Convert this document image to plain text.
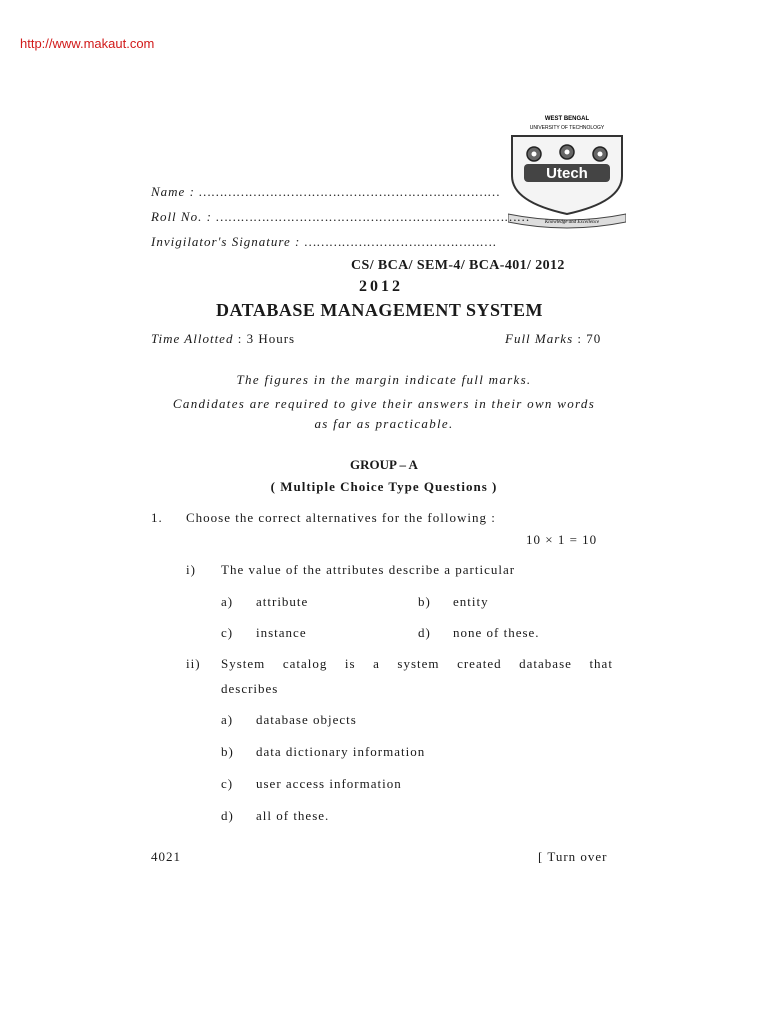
http://www.makaut.com
WEST BENGAL
UNIVERSITY OF TECHNOLOGY
Utech
Knowledge and Excellence
Name : ………………………………………………………………
Roll No. : …………………………………………………………………
Invigilator's Signature : ……………………………………….
CS/ BCA/ SEM-4/ BCA-401/ 2012
2012
DATABASE MANAGEMENT SYSTEM
Time Allotted : 3 Hours	Full Marks : 70
The figures in the margin indicate full marks.
Candidates are required to give their answers in their own words
as far as practicable.
GROUP – A
( Multiple Choice Type Questions )
1. Choose the correct alternatives for the following :
10 × 1 = 10
i) The value of the attributes describe a particular
a) attribute	b) entity
c) instance	d) none of these.
ii) System catalog is a system created database that
describes
a) database objects
b) data dictionary information
c) user access information
d) all of these.
4021	[ Turn over
